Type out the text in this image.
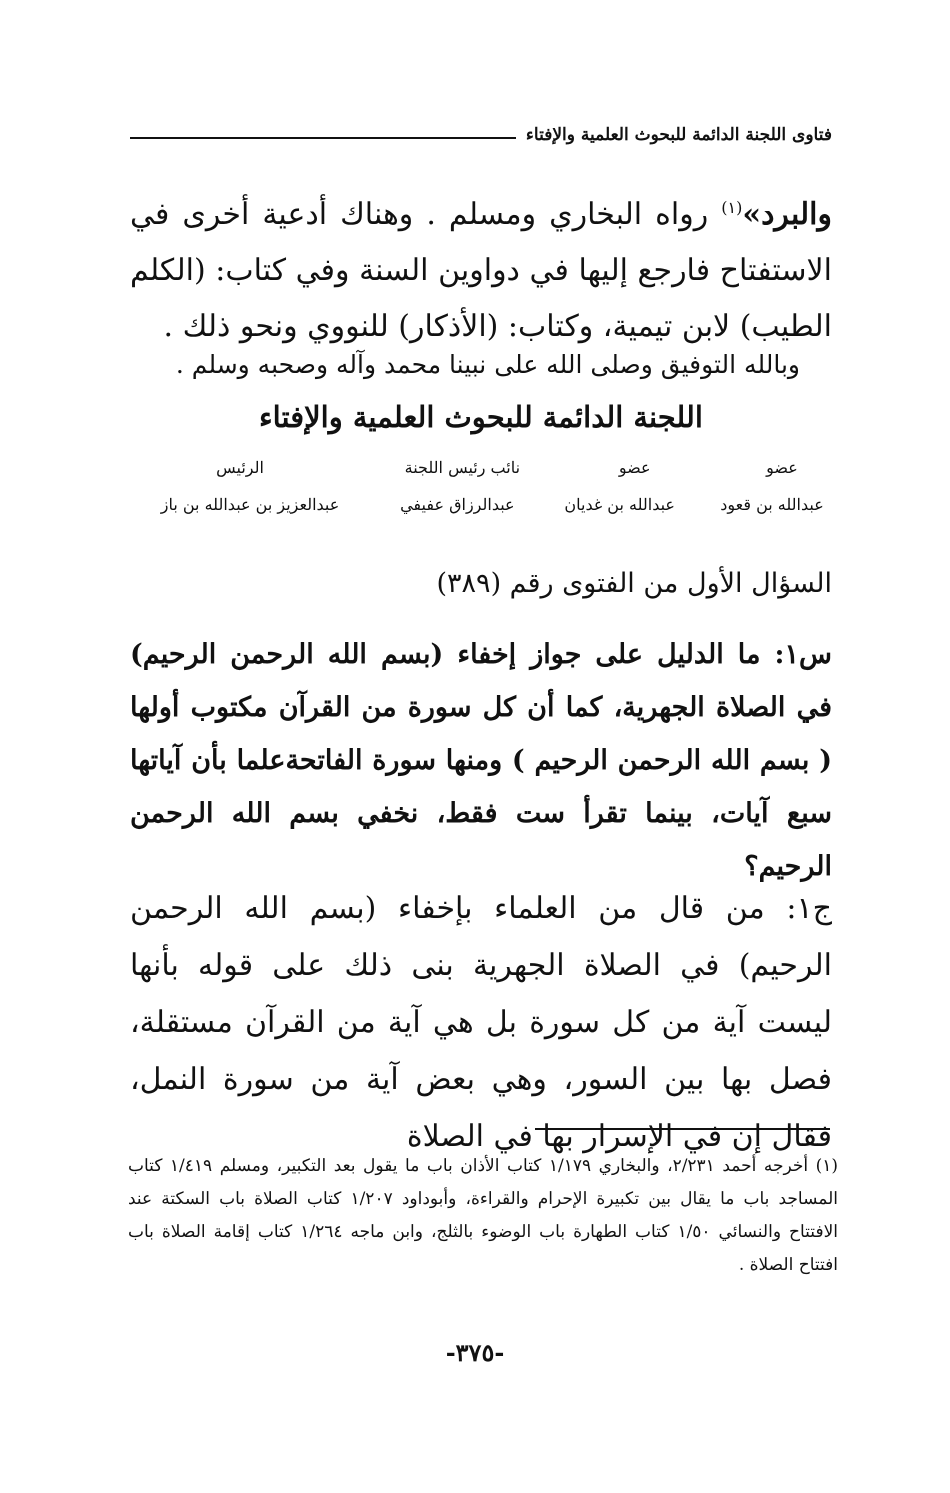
فتاوى اللجنة الدائمة للبحوث العلمية والإفتاء
والبرد»$^{(١)}$ رواه البخاري ومسلم . وهناك أدعية أخرى في الاستفتاح فارجع إليها في دواوين السنة وفي كتاب: (الكلم الطيب) لابن تيمية، وكتاب: (الأذكار) للنووي ونحو ذلك .
وبالله التوفيق وصلى الله على نبينا محمد وآله وصحبه وسلم .
اللجنة الدائمة للبحوث العلمية والإفتاء
عضو
عضو
نائب رئيس اللجنة
الرئيس
عبدالله بن قعود
عبدالله بن غديان
عبدالرزاق عفيفي
عبدالعزيز بن عبدالله بن باز
السؤال الأول من الفتوى رقم (٣٨٩)
س١: ما الدليل على جواز إخفاء (بسم الله الرحمن الرحيم) في الصلاة الجهرية، كما أن كل سورة من القرآن مكتوب أولها ( بسم الله الرحمن الرحيم ) ومنها سورة الفاتحةعلما بأن آياتها سبع آيات، بينما تقرأ ست فقط، نخفي بسم الله الرحمن الرحيم؟
ج١: من قال من العلماء بإخفاء (بسم الله الرحمن الرحيم) في الصلاة الجهرية بنى ذلك على قوله بأنها ليست آية من كل سورة بل هي آية من القرآن مستقلة، فصل بها بين السور، وهي بعض آية من سورة النمل، فقال إن في الإسرار بها في الصلاة
(١) أخرجه أحمد ٢/٢٣١، والبخاري ١/١٧٩ كتاب الأذان باب ما يقول بعد التكبير، ومسلم ١/٤١٩ كتاب المساجد باب ما يقال بين تكبيرة الإحرام والقراءة، وأبوداود ١/٢٠٧ كتاب الصلاة باب السكتة عند الافتتاح والنسائي ١/٥٠ كتاب الطهارة باب الوضوء بالثلج، وابن ماجه ١/٢٦٤ كتاب إقامة الصلاة باب افتتاح الصلاة .
-٣٧٥-
